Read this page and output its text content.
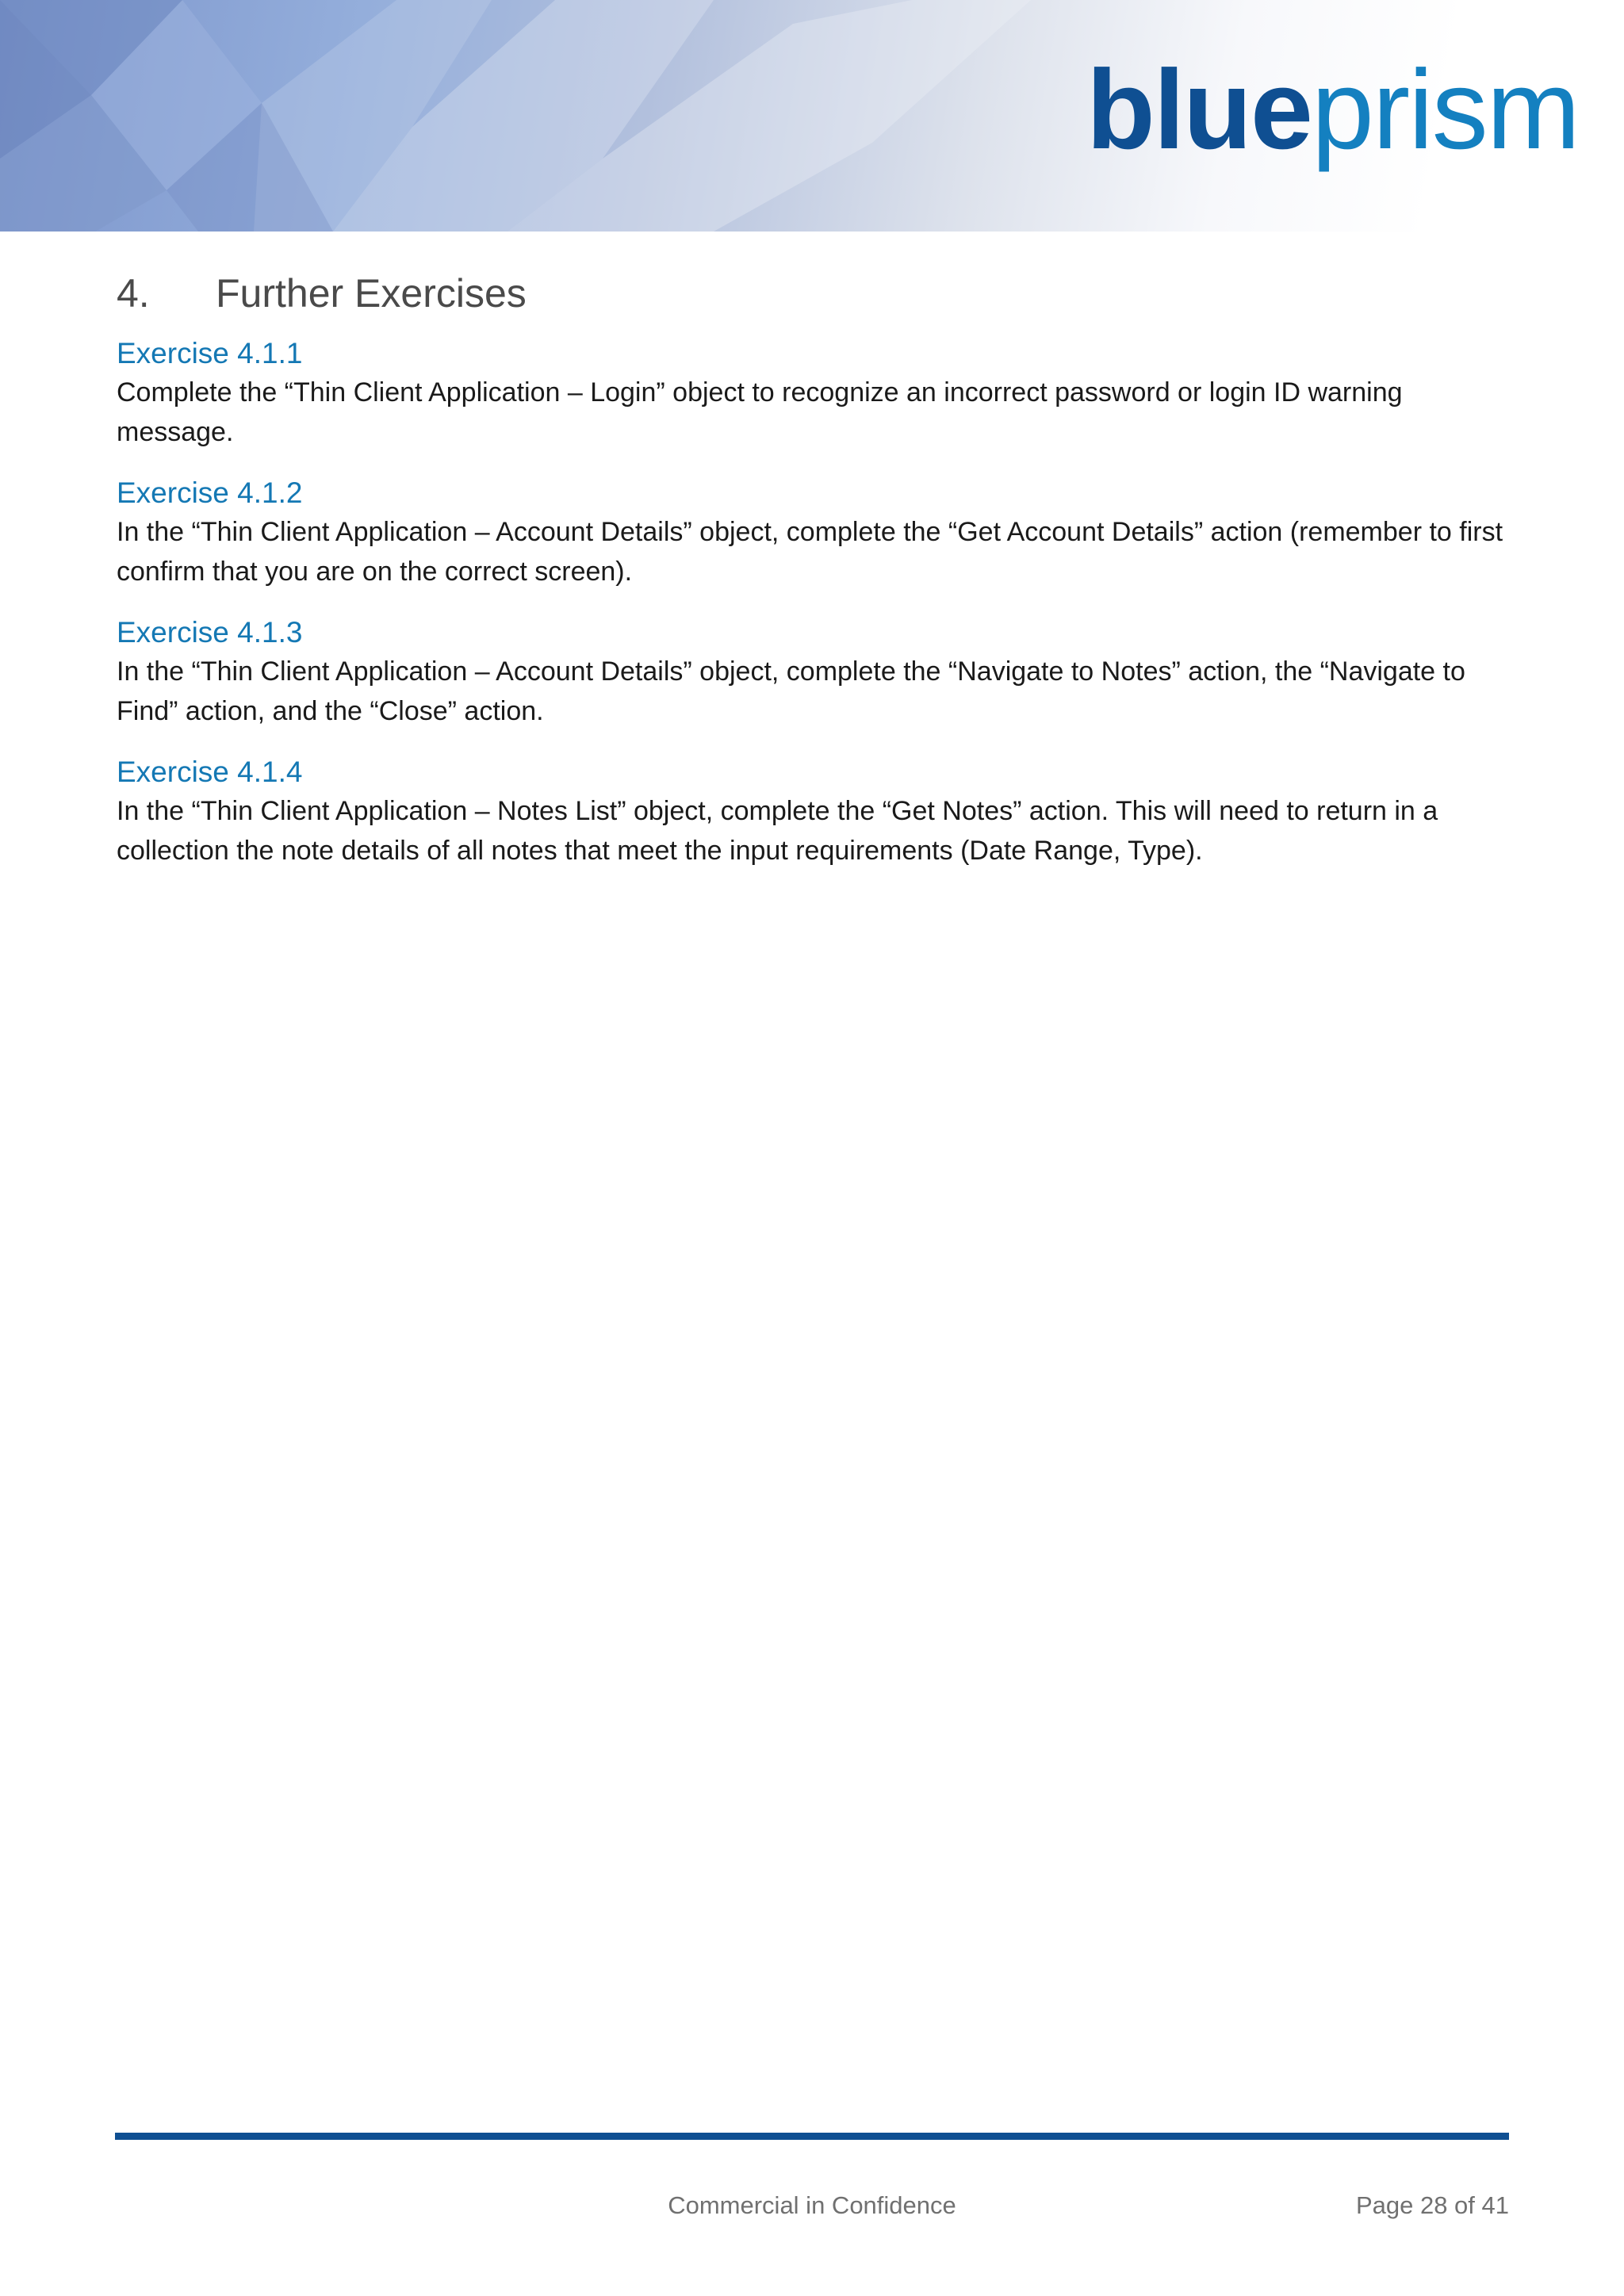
blueprism
4. Further Exercises
Exercise 4.1.1

Complete the “Thin Client Application – Login” object to recognize an incorrect password or login ID warning message.

Exercise 4.1.2

In the “Thin Client Application – Account Details” object, complete the “Get Account Details” action (remember to first confirm that you are on the correct screen).

Exercise 4.1.3

In the “Thin Client Application – Account Details” object, complete the “Navigate to Notes” action, the “Navigate to Find” action, and the “Close” action.

Exercise 4.1.4

In the “Thin Client Application – Notes List” object, complete the “Get Notes” action. This will need to return in a collection the note details of all notes that meet the input requirements (Date Range, Type).

Commercial in Confidence	Page 28 of 41
